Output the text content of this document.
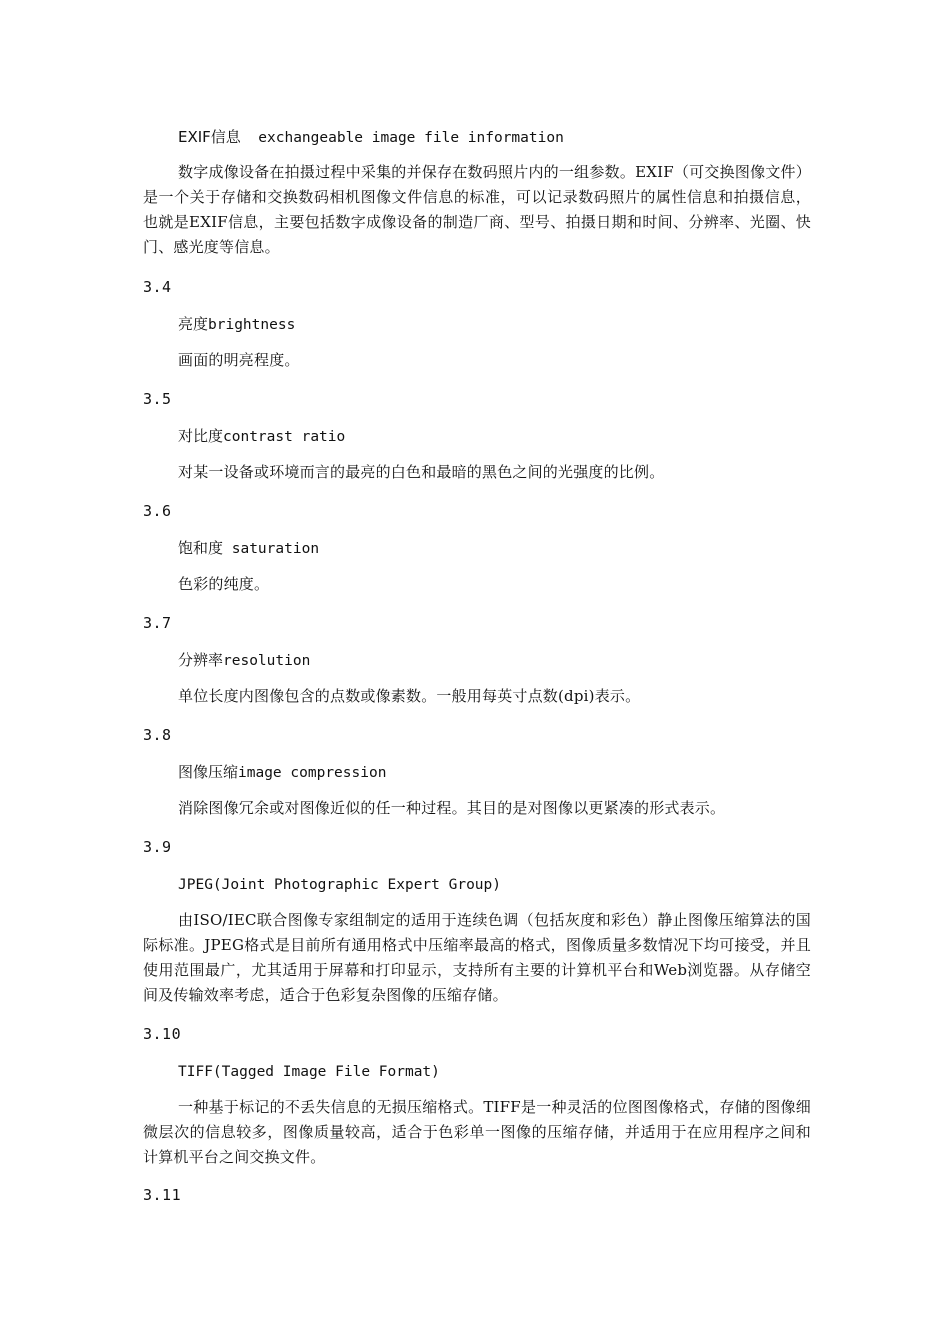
EXIF信息  exchangeable image file information
数字成像设备在拍摄过程中采集的并保存在数码照片内的一组参数。EXIF（可交换图像文件）是一个关于存储和交换数码相机图像文件信息的标准，可以记录数码照片的属性信息和拍摄信息，也就是EXIF信息，主要包括数字成像设备的制造厂商、型号、拍摄日期和时间、分辨率、光圈、快门、感光度等信息。
3.4
亮度brightness
画面的明亮程度。
3.5
对比度contrast ratio
对某一设备或环境而言的最亮的白色和最暗的黑色之间的光强度的比例。
3.6
饱和度 saturation
色彩的纯度。
3.7
分辨率resolution
单位长度内图像包含的点数或像素数。一般用每英寸点数(dpi)表示。
3.8
图像压缩image compression
消除图像冗余或对图像近似的任一种过程。其目的是对图像以更紧凑的形式表示。
3.9
JPEG(Joint Photographic Expert Group)
由ISO/IEC联合图像专家组制定的适用于连续色调（包括灰度和彩色）静止图像压缩算法的国际标准。JPEG格式是目前所有通用格式中压缩率最高的格式，图像质量多数情况下均可接受，并且使用范围最广，尤其适用于屏幕和打印显示，支持所有主要的计算机平台和Web浏览器。从存储空间及传输效率考虑，适合于色彩复杂图像的压缩存储。
3.10
TIFF(Tagged Image File Format)
一种基于标记的不丢失信息的无损压缩格式。TIFF是一种灵活的位图图像格式，存储的图像细微层次的信息较多，图像质量较高，适合于色彩单一图像的压缩存储，并适用于在应用程序之间和计算机平台之间交换文件。
3.11
